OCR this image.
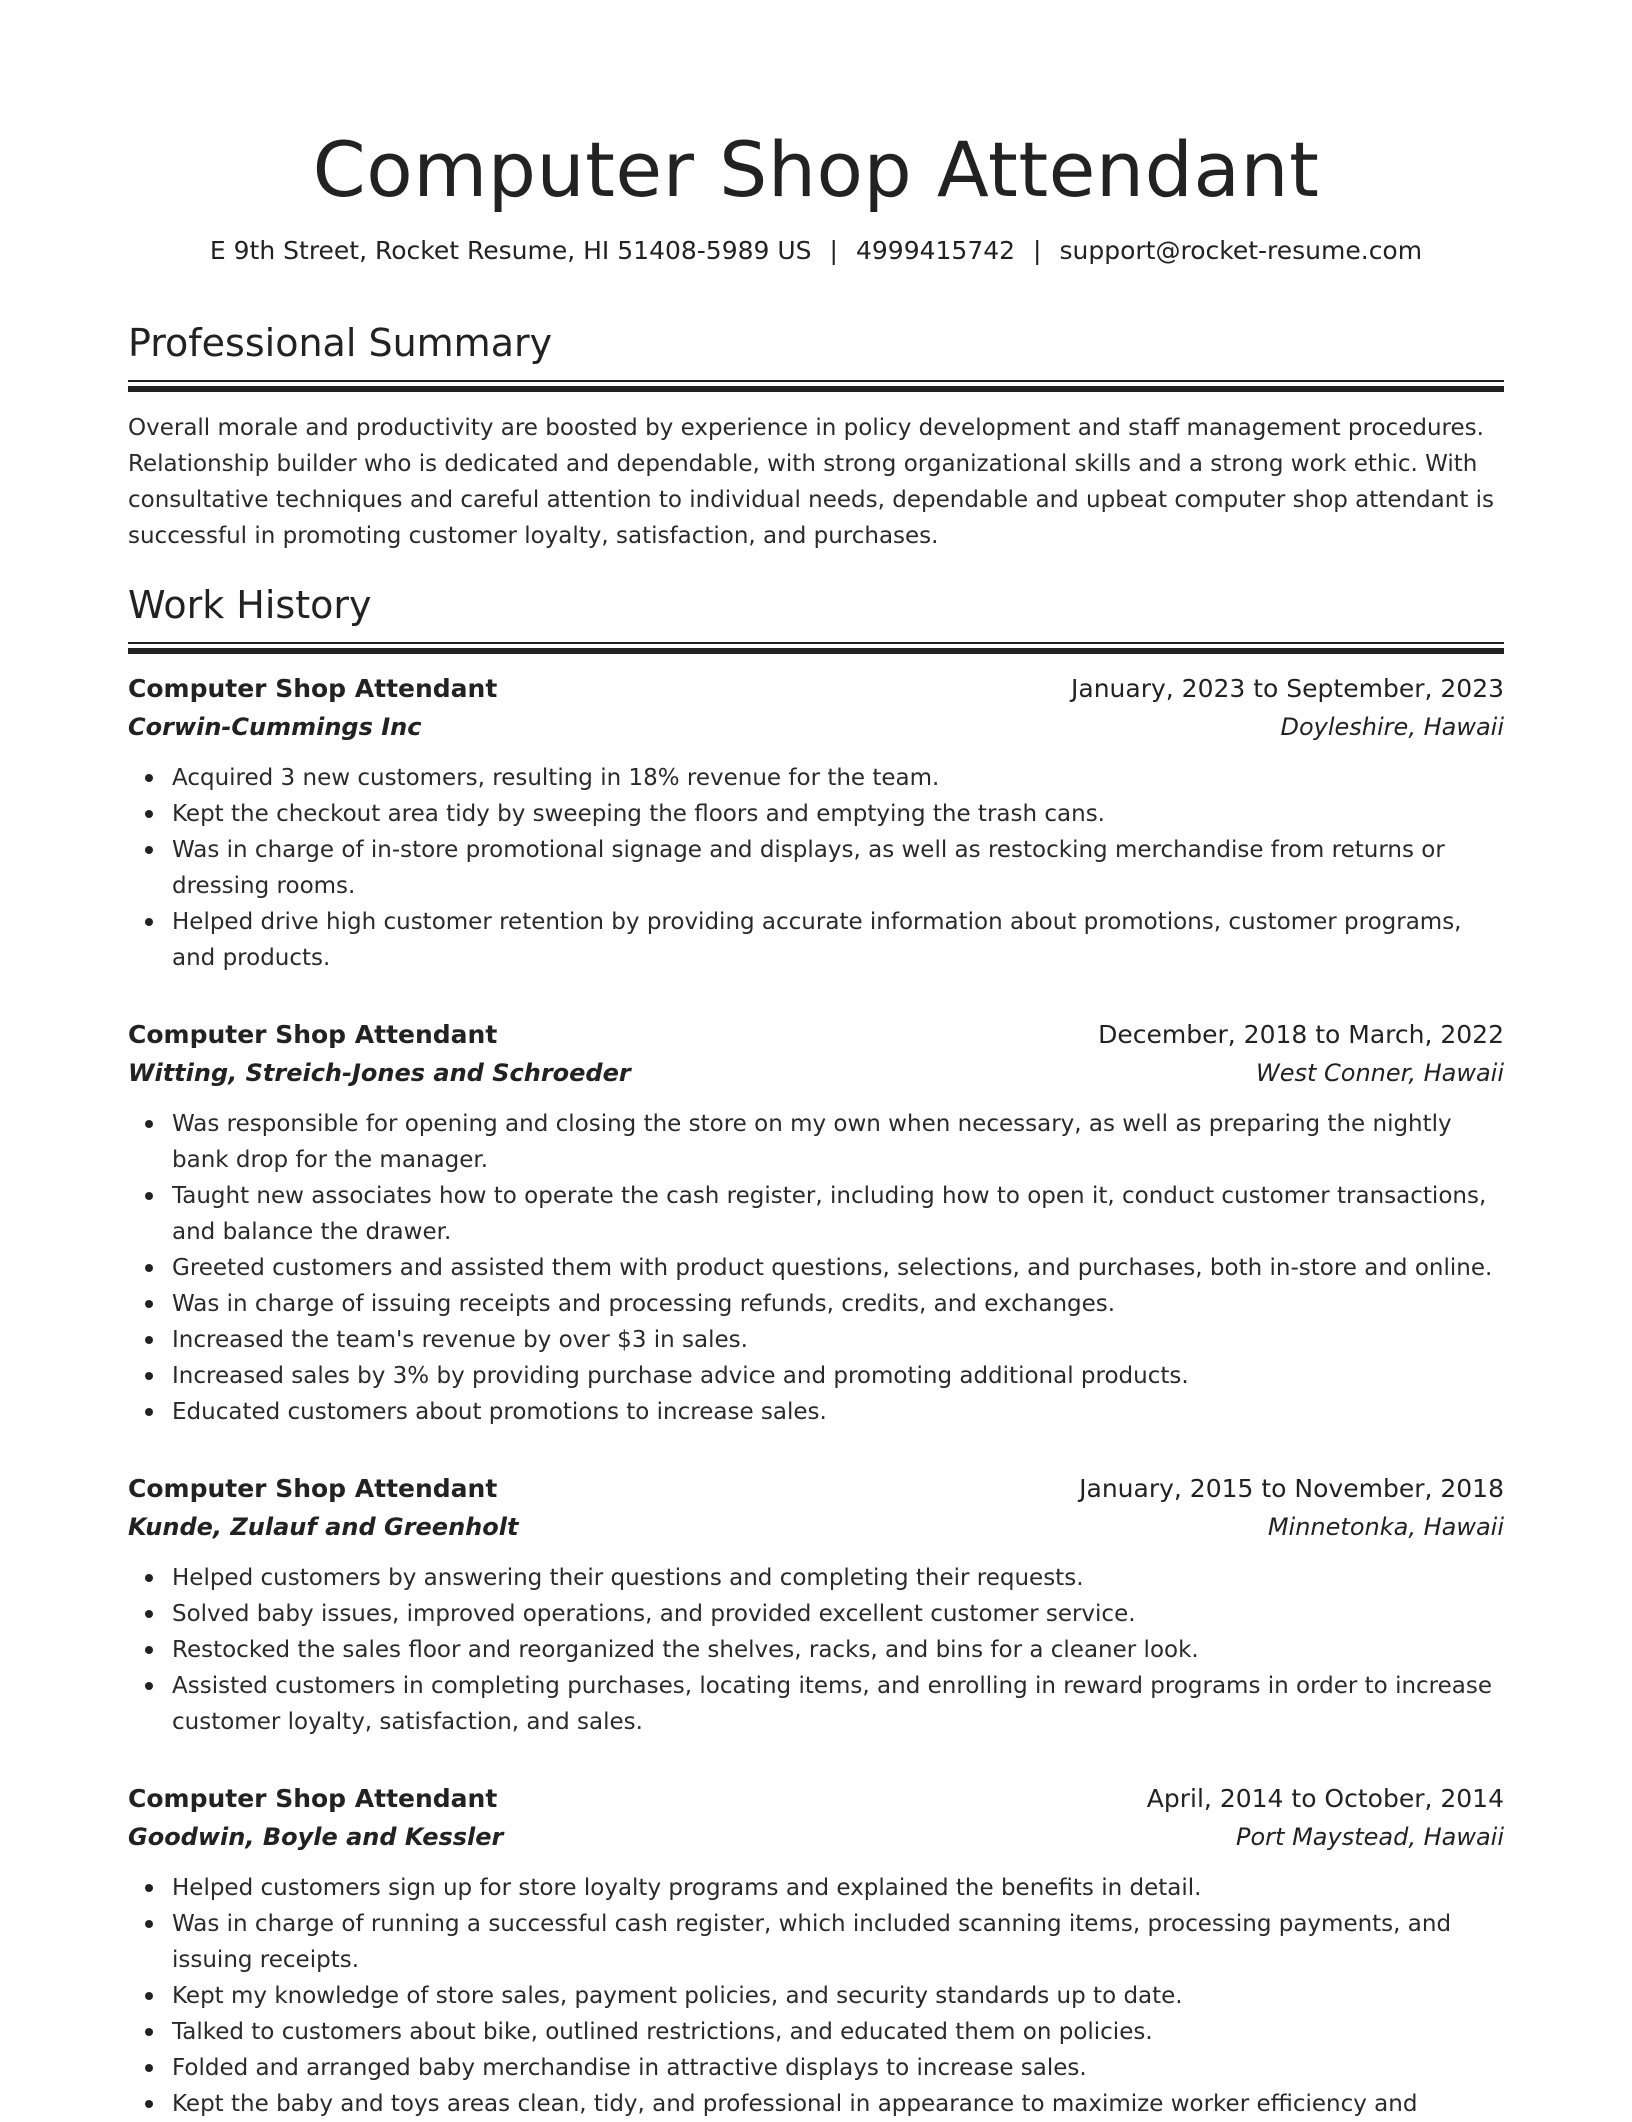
Computer Shop Attendant
E 9th Street, Rocket Resume, HI 51408-5989 US | 4999415742 | support@rocket-resume.com
Professional Summary

Overall morale and productivity are boosted by experience in policy development and staff management procedures. Relationship builder who is dedicated and dependable, with strong organizational skills and a strong work ethic. With consultative techniques and careful attention to individual needs, dependable and upbeat computer shop attendant is successful in promoting customer loyalty, satisfaction, and purchases.

Work History
Computer Shop Attendant	January, 2023 to September, 2023
Corwin-Cummings Inc	Doyleshire, Hawaii
Acquired 3 new customers, resulting in 18% revenue for the team.
Kept the checkout area tidy by sweeping the floors and emptying the trash cans.
Was in charge of in-store promotional signage and displays, as well as restocking merchandise from returns or dressing rooms.
Helped drive high customer retention by providing accurate information about promotions, customer programs, and products.
Computer Shop Attendant	December, 2018 to March, 2022
Witting, Streich-Jones and Schroeder	West Conner, Hawaii
Was responsible for opening and closing the store on my own when necessary, as well as preparing the nightly bank drop for the manager.
Taught new associates how to operate the cash register, including how to open it, conduct customer transactions, and balance the drawer.
Greeted customers and assisted them with product questions, selections, and purchases, both in-store and online.
Was in charge of issuing receipts and processing refunds, credits, and exchanges.
Increased the team's revenue by over $3 in sales.
Increased sales by 3% by providing purchase advice and promoting additional products.
Educated customers about promotions to increase sales.
Computer Shop Attendant	January, 2015 to November, 2018
Kunde, Zulauf and Greenholt	Minnetonka, Hawaii
Helped customers by answering their questions and completing their requests.
Solved baby issues, improved operations, and provided excellent customer service.
Restocked the sales floor and reorganized the shelves, racks, and bins for a cleaner look.
Assisted customers in completing purchases, locating items, and enrolling in reward programs in order to increase customer loyalty, satisfaction, and sales.
Computer Shop Attendant	April, 2014 to October, 2014
Goodwin, Boyle and Kessler	Port Maystead, Hawaii
Helped customers sign up for store loyalty programs and explained the benefits in detail.
Was in charge of running a successful cash register, which included scanning items, processing payments, and issuing receipts.
Kept my knowledge of store sales, payment policies, and security standards up to date.
Talked to customers about bike, outlined restrictions, and educated them on policies.
Folded and arranged baby merchandise in attractive displays to increase sales.
Kept the baby and toys areas clean, tidy, and professional in appearance to maximize worker efficiency and
